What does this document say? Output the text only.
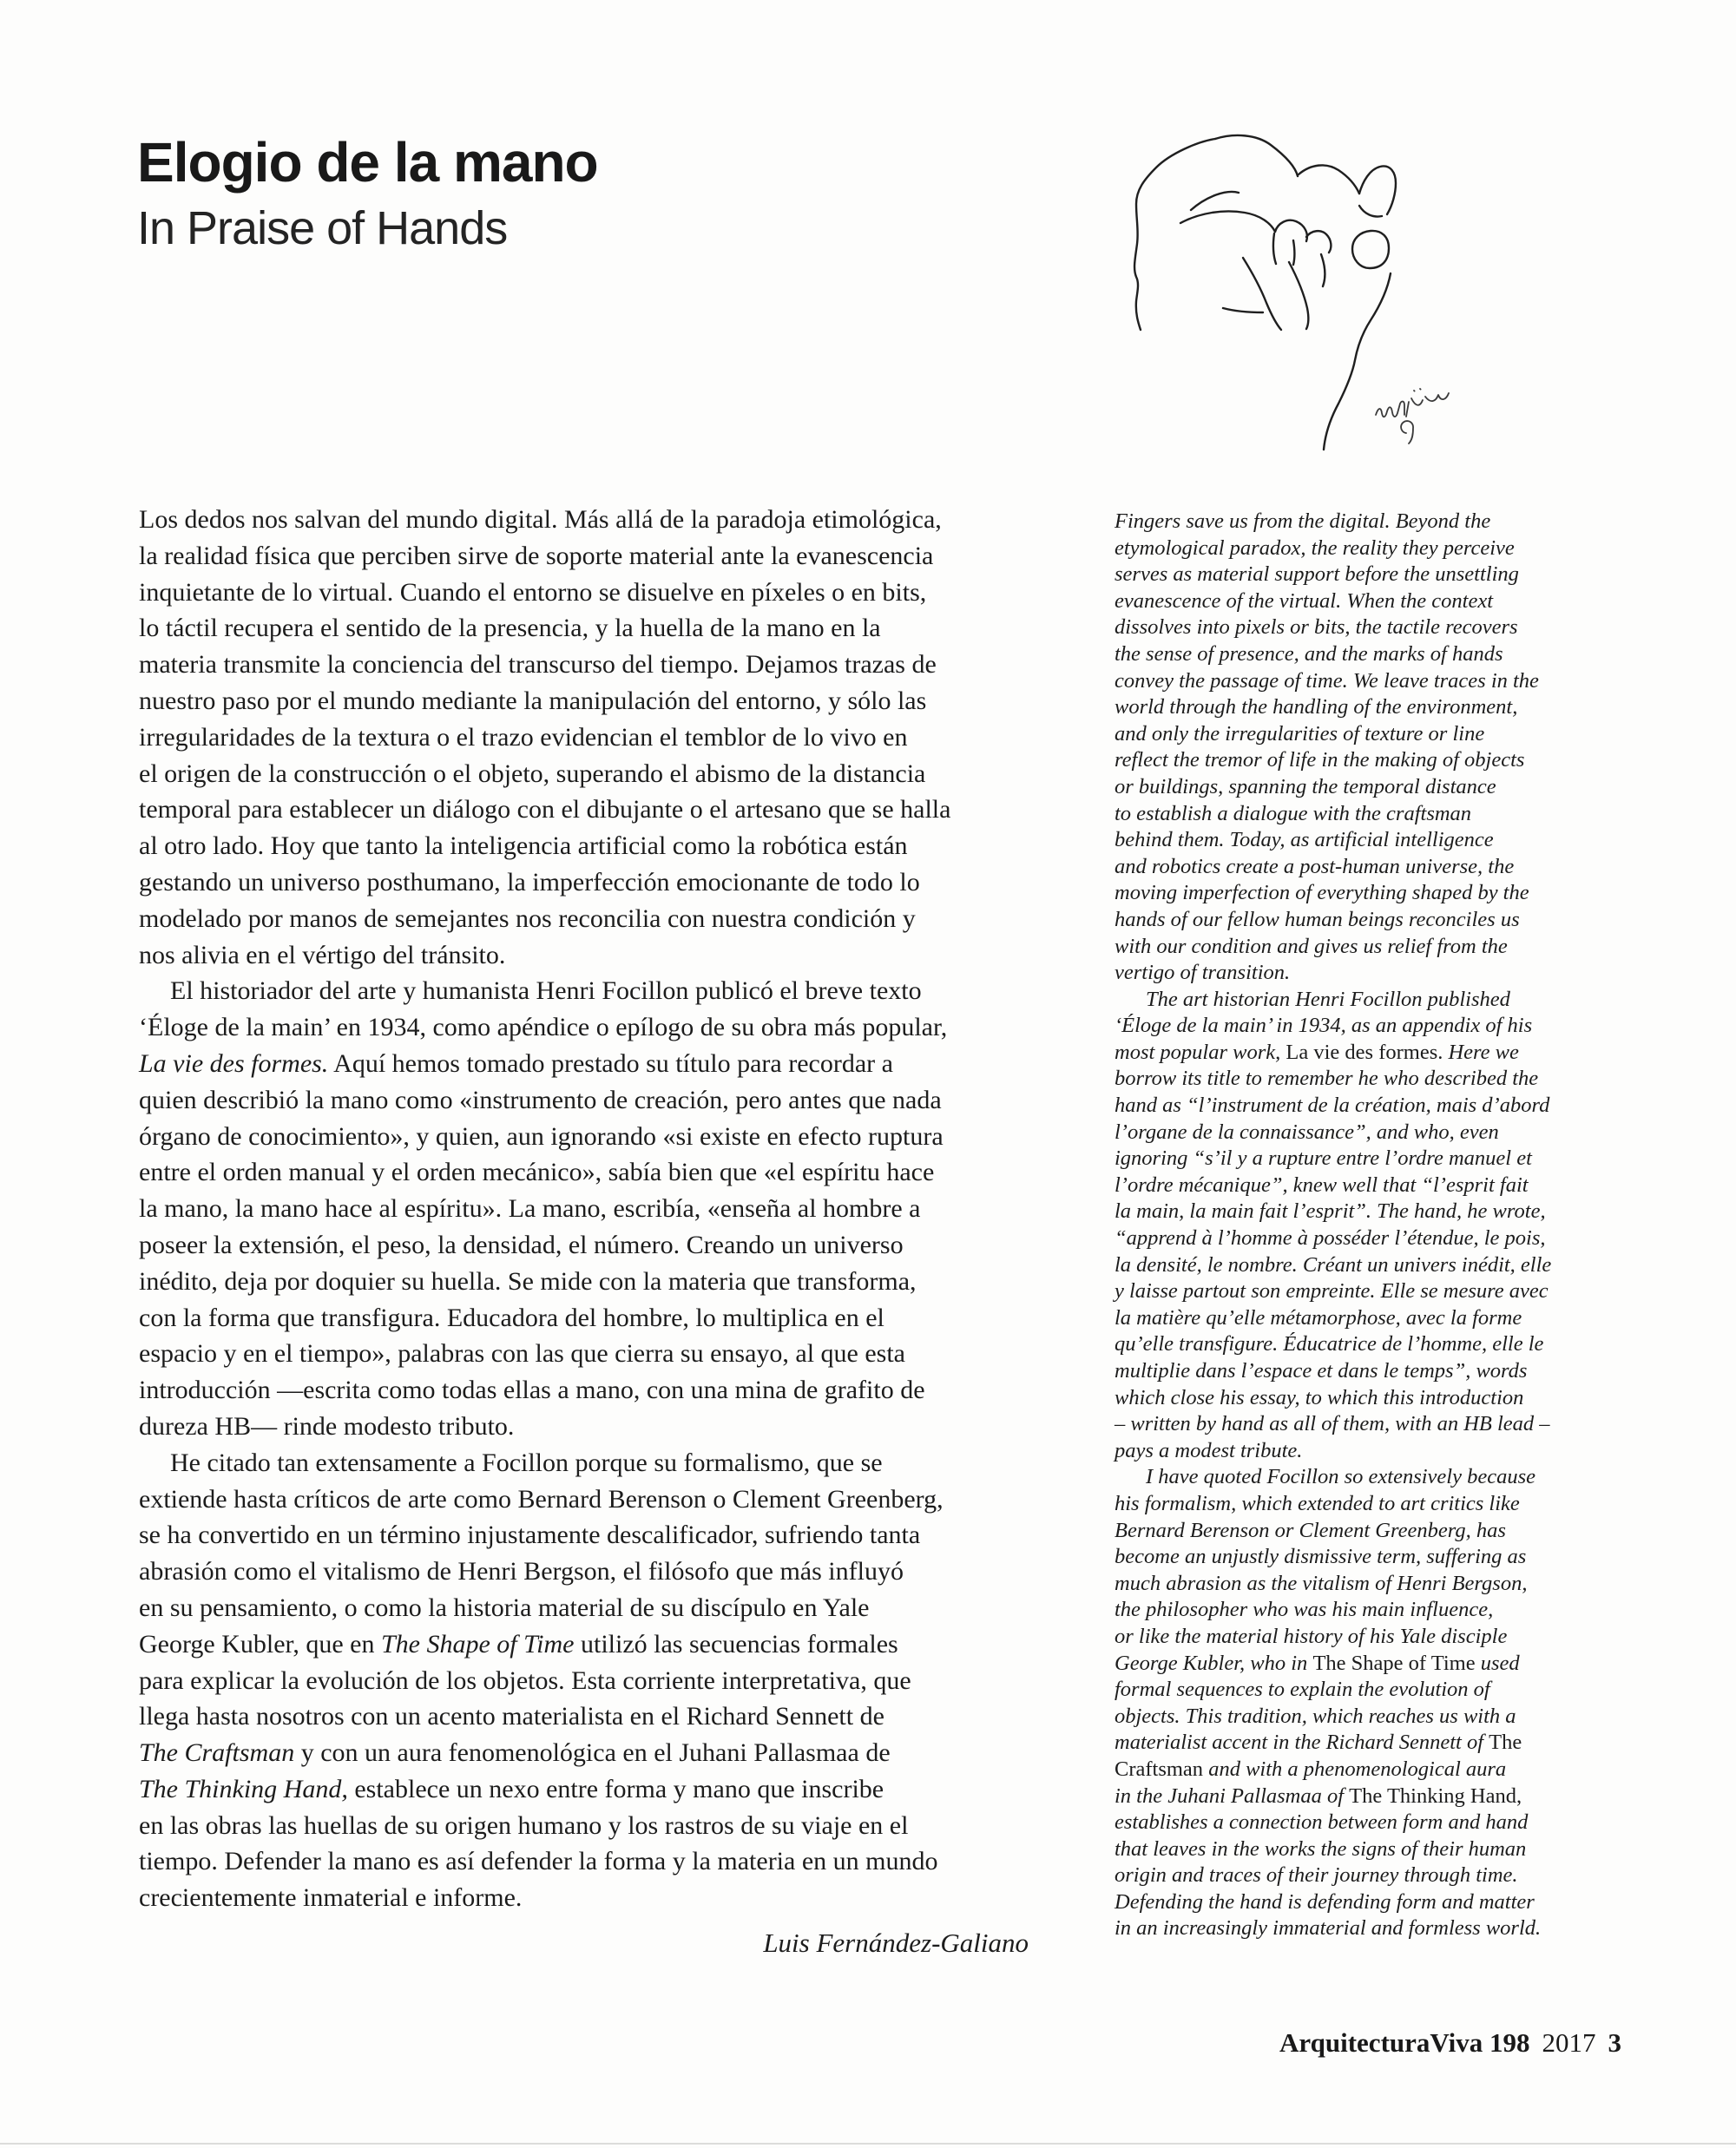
Elogio de la mano
In Praise of Hands
Los dedos nos salvan del mundo digital. Más allá de la paradoja etimológica,
la realidad física que perciben sirve de soporte material ante la evanescencia
inquietante de lo virtual. Cuando el entorno se disuelve en píxeles o en bits,
lo táctil recupera el sentido de la presencia, y la huella de la mano en la
materia transmite la conciencia del transcurso del tiempo. Dejamos trazas de
nuestro paso por el mundo mediante la manipulación del entorno, y sólo las
irregularidades de la textura o el trazo evidencian el temblor de lo vivo en
el origen de la construcción o el objeto, superando el abismo de la distancia
temporal para establecer un diálogo con el dibujante o el artesano que se halla
al otro lado. Hoy que tanto la inteligencia artificial como la robótica están
gestando un universo posthumano, la imperfección emocionante de todo lo
modelado por manos de semejantes nos reconcilia con nuestra condición y
nos alivia en el vértigo del tránsito.
El historiador del arte y humanista Henri Focillon publicó el breve texto
‘Éloge de la main’ en 1934, como apéndice o epílogo de su obra más popular,
La vie des formes. Aquí hemos tomado prestado su título para recordar a
quien describió la mano como «instrumento de creación, pero antes que nada
órgano de conocimiento», y quien, aun ignorando «si existe en efecto ruptura
entre el orden manual y el orden mecánico», sabía bien que «el espíritu hace
la mano, la mano hace al espíritu». La mano, escribía, «enseña al hombre a
poseer la extensión, el peso, la densidad, el número. Creando un universo
inédito, deja por doquier su huella. Se mide con la materia que transforma,
con la forma que transfigura. Educadora del hombre, lo multiplica en el
espacio y en el tiempo», palabras con las que cierra su ensayo, al que esta
introducción —escrita como todas ellas a mano, con una mina de grafito de
dureza HB— rinde modesto tributo.
He citado tan extensamente a Focillon porque su formalismo, que se
extiende hasta críticos de arte como Bernard Berenson o Clement Greenberg,
se ha convertido en un término injustamente descalificador, sufriendo tanta
abrasión como el vitalismo de Henri Bergson, el filósofo que más influyó
en su pensamiento, o como la historia material de su discípulo en Yale
George Kubler, que en The Shape of Time utilizó las secuencias formales
para explicar la evolución de los objetos. Esta corriente interpretativa, que
llega hasta nosotros con un acento materialista en el Richard Sennett de
The Craftsman y con un aura fenomenológica en el Juhani Pallasmaa de
The Thinking Hand, establece un nexo entre forma y mano que inscribe
en las obras las huellas de su origen humano y los rastros de su viaje en el
tiempo. Defender la mano es así defender la forma y la materia en un mundo
crecientemente inmaterial e informe.
Luis Fernández-Galiano
Fingers save us from the digital. Beyond the
etymological paradox, the reality they perceive
serves as material support before the unsettling
evanescence of the virtual. When the context
dissolves into pixels or bits, the tactile recovers
the sense of presence, and the marks of hands
convey the passage of time. We leave traces in the
world through the handling of the environment,
and only the irregularities of texture or line
reflect the tremor of life in the making of objects
or buildings, spanning the temporal distance
to establish a dialogue with the craftsman
behind them. Today, as artificial intelligence
and robotics create a post-human universe, the
moving imperfection of everything shaped by the
hands of our fellow human beings reconciles us
with our condition and gives us relief from the
vertigo of transition.
The art historian Henri Focillon published
‘Éloge de la main’ in 1934, as an appendix of his
most popular work, La vie des formes. Here we
borrow its title to remember he who described the
hand as “l’instrument de la création, mais d’abord
l’organe de la connaissance”, and who, even
ignoring “s’il y a rupture entre l’ordre manuel et
l’ordre mécanique”, knew well that “l’esprit fait
la main, la main fait l’esprit”. The hand, he wrote,
“apprend à l’homme à posséder l’étendue, le pois,
la densité, le nombre. Créant un univers inédit, elle
y laisse partout son empreinte. Elle se mesure avec
la matière qu’elle métamorphose, avec la forme
qu’elle transfigure. Éducatrice de l’homme, elle le
multiplie dans l’espace et dans le temps”, words
which close his essay, to which this introduction
– written by hand as all of them, with an HB lead –
pays a modest tribute.
I have quoted Focillon so extensively because
his formalism, which extended to art critics like
Bernard Berenson or Clement Greenberg, has
become an unjustly dismissive term, suffering as
much abrasion as the vitalism of Henri Bergson,
the philosopher who was his main influence,
or like the material history of his Yale disciple
George Kubler, who in The Shape of Time used
formal sequences to explain the evolution of
objects. This tradition, which reaches us with a
materialist accent in the Richard Sennett of The
Craftsman and with a phenomenological aura
in the Juhani Pallasmaa of The Thinking Hand,
establishes a connection between form and hand
that leaves in the works the signs of their human
origin and traces of their journey through time.
Defending the hand is defending form and matter
in an increasingly immaterial and formless world.
ArquitecturaViva 198 2017 3
